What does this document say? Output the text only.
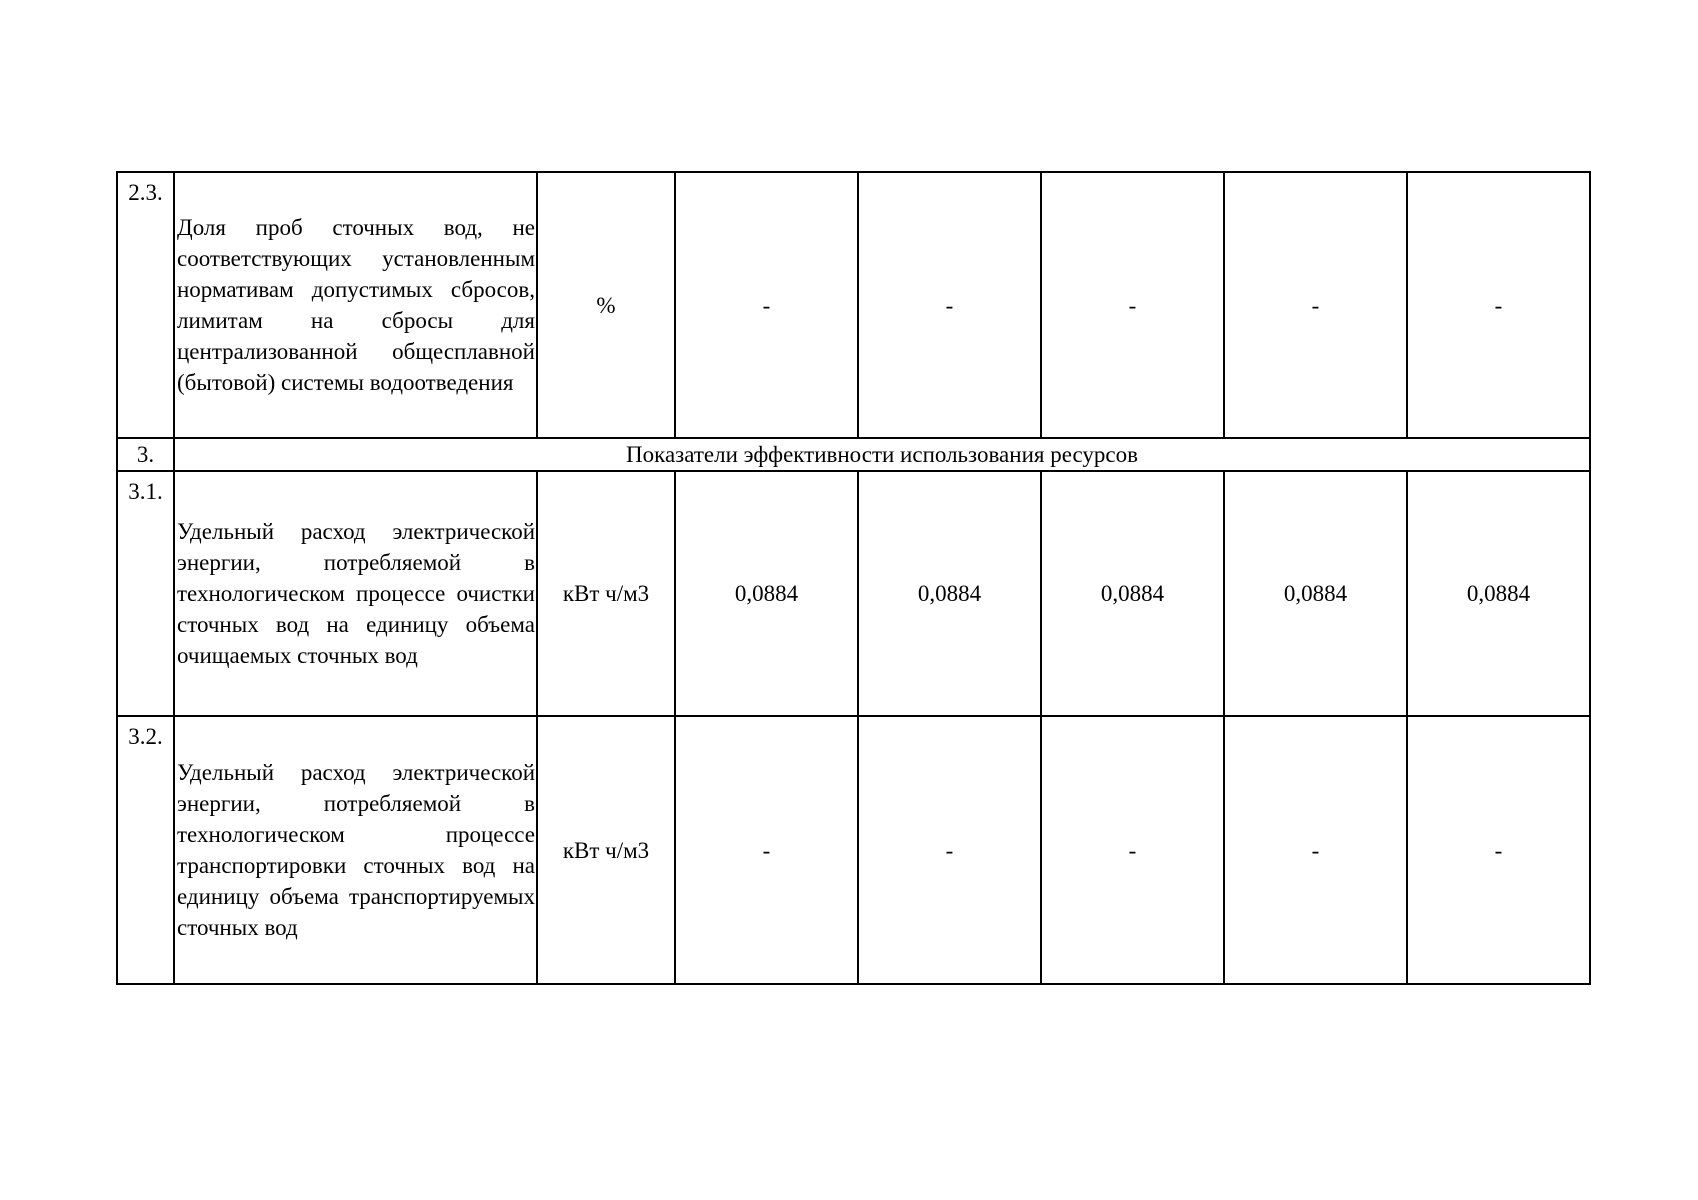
2.3.	Доля проб сточных вод, не соответствующих установленным нормативам допустимых сбросов, лимитам на сбросы для централизованной общесплавной (бытовой) системы водоотведения	%	-	-	-	-	-
3.	Показатели эффективности использования ресурсов						
3.1.	Удельный расход электрической энергии, потребляемой в технологическом процессе очистки сточных вод на единицу объема очищаемых сточных вод	кВт ч/м3	0,0884	0,0884	0,0884	0,0884	0,0884
3.2.	Удельный расход электрической энергии, потребляемой в технологическом процессе транспортировки сточных вод на единицу объема транспортируемых сточных вод	кВт ч/м3	-	-	-	-	-
